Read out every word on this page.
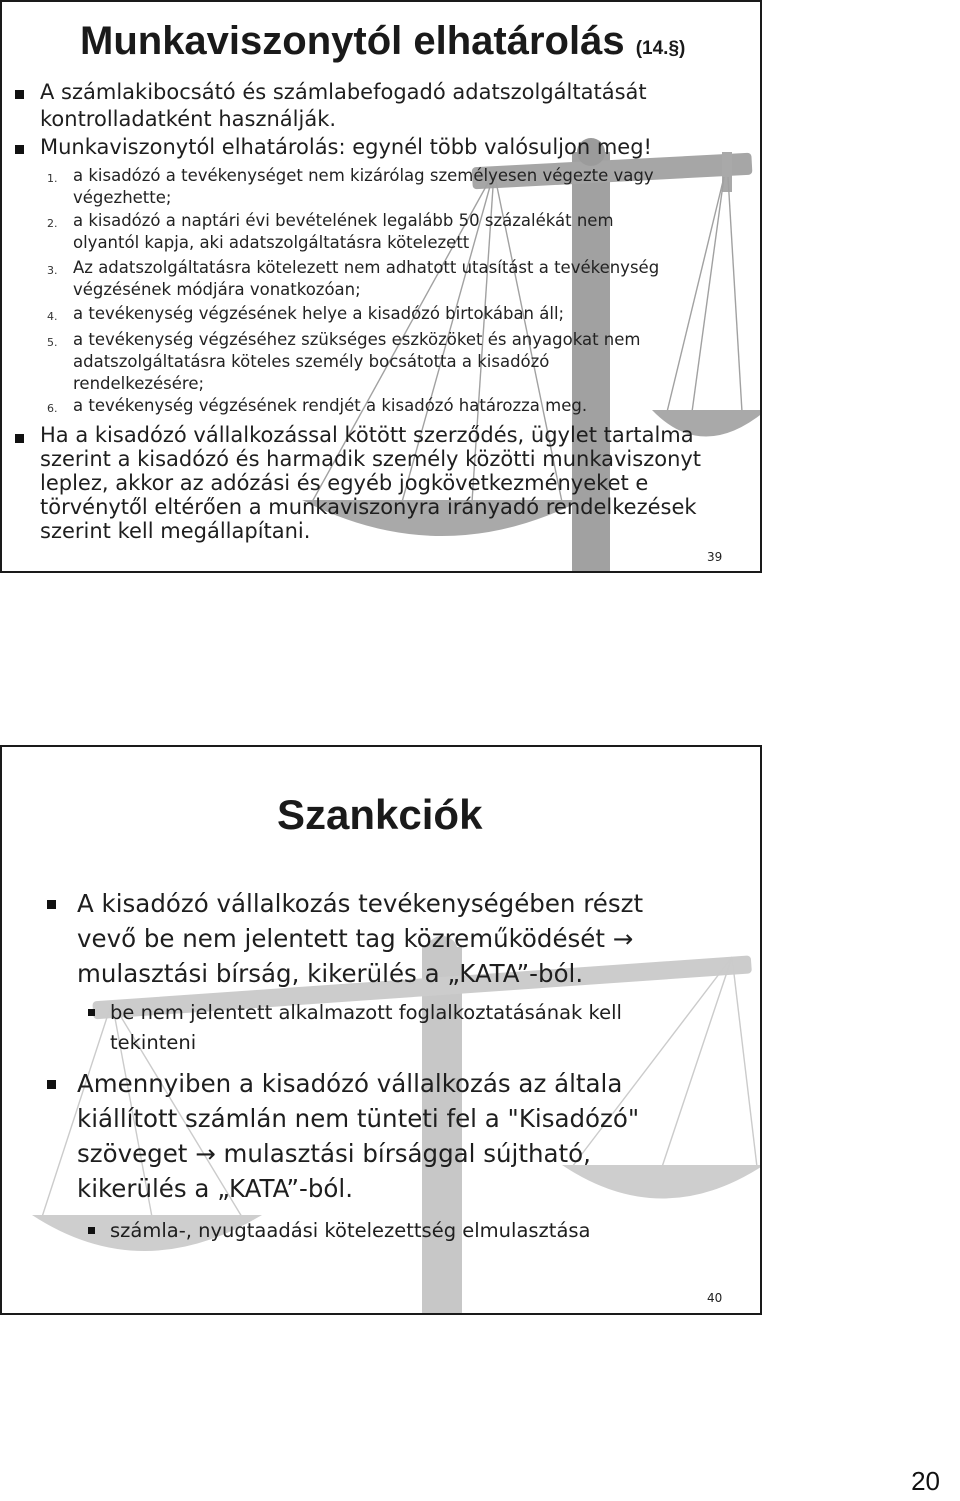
Munkaviszonytól elhatárolás (14.§)

A számlakibocsátó és számlabefogadó adatszolgáltatását
kontrolladatként használják.

Munkaviszonytól elhatárolás: egynél több valósuljon meg!

1. a kisadózó a tevékenységet nem kizárólag személyesen végezte vagy
végezhette;

2. a kisadózó a naptári évi bevételének legalább 50 százalékát nem
olyantól kapja, aki adatszolgáltatásra kötelezett

3. Az adatszolgáltatásra kötelezett nem adhatott utasítást a tevékenység
végzésének módjára vonatkozóan;

4. a tevékenység végzésének helye a kisadózó birtokában áll;

5. a tevékenység végzéséhez szükséges eszközöket és anyagokat nem
adatszolgáltatásra köteles személy bocsátotta a kisadózó
rendelkezésére;

6. a tevékenység végzésének rendjét a kisadózó határozza meg.

Ha a kisadózó vállalkozással kötött szerződés, ügylet tartalma
szerint a kisadózó és harmadik személy közötti munkaviszonyt
leplez, akkor az adózási és egyéb jogkövetkezményeket e
törvénytől eltérően a munkaviszonyra irányadó rendelkezések
szerint kell megállapítani.

39
Szankciók

A kisadózó vállalkozás tevékenységében részt
vevő be nem jelentett tag közreműködését →
mulasztási bírság, kikerülés a „KATA”-ból.

be nem jelentett alkalmazott foglalkoztatásának kell
tekinteni

Amennyiben a kisadózó vállalkozás az általa
kiállított számlán nem tünteti fel a "Kisadózó"
szöveget → mulasztási bírsággal sújtható,
kikerülés a „KATA”-ból.

számla-, nyugtaadási kötelezettség elmulasztása

40
20
